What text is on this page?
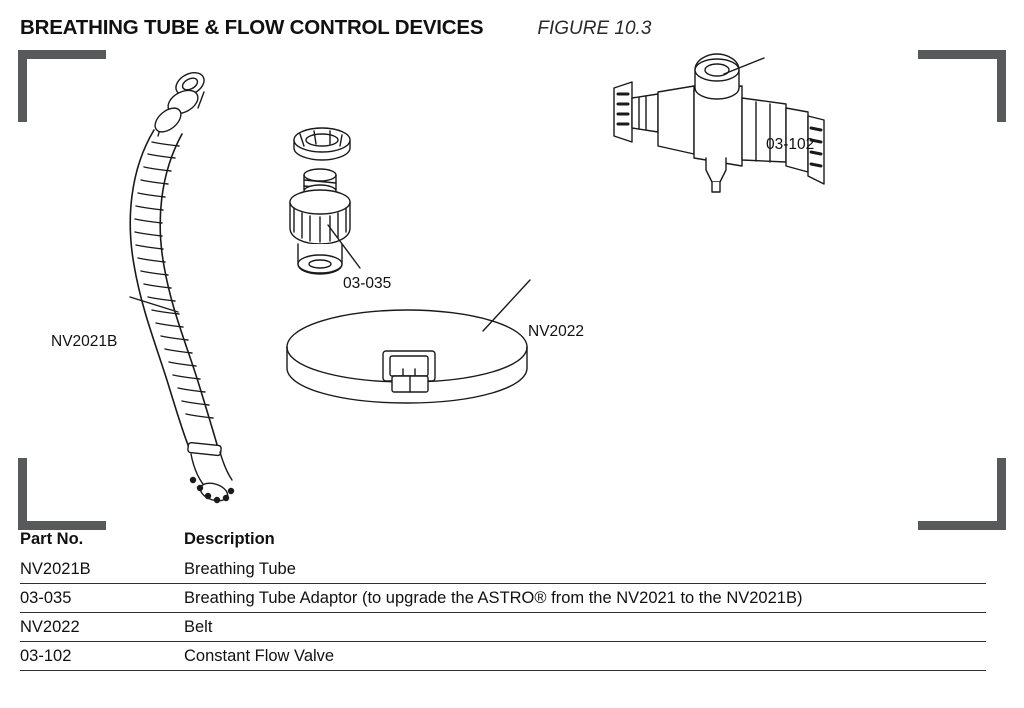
BREATHING TUBE & FLOW CONTROL DEVICES	FIGURE 10.3
NV2021B
03-035
NV2022
03-102
Part No.	Description
NV2021B	Breathing Tube
03-035	Breathing Tube Adaptor (to upgrade the ASTRO® from the NV2021 to the NV2021B)
NV2022	Belt
03-102	Constant Flow Valve
